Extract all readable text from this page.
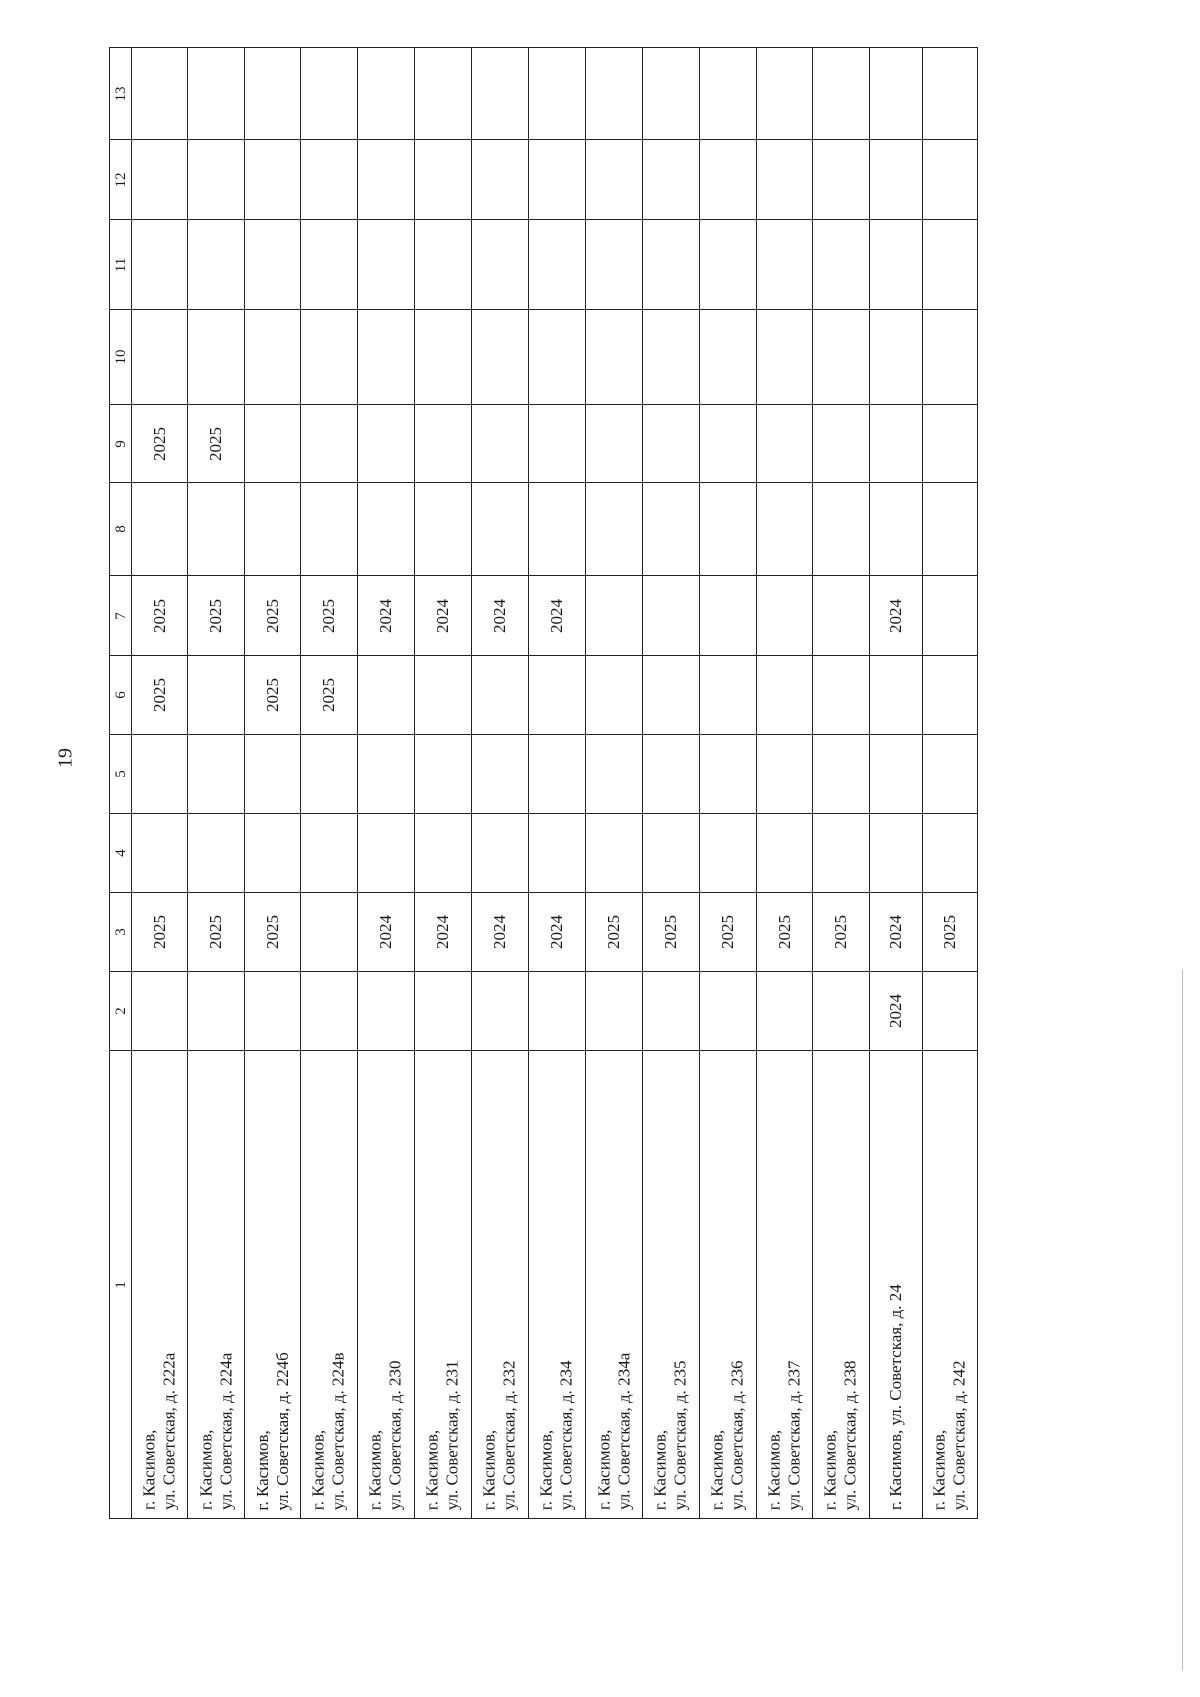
19
1
2
3
4
5
6
7
8
9
10
11
12
13
г. Касимов, ул. Советская, д. 222а
2025
2025
2025
2025
г. Касимов, ул. Советская, д. 224а
2025
2025
2025
г. Касимов, ул. Советская, д. 224б
2025
2025
2025
г. Касимов, ул. Советская, д. 224в
2025
2025
г. Касимов, ул. Советская, д. 230
2024
2024
г. Касимов, ул. Советская, д. 231
2024
2024
г. Касимов, ул. Советская, д. 232
2024
2024
г. Касимов, ул. Советская, д. 234
2024
2024
г. Касимов, ул. Советская, д. 234а
2025
г. Касимов, ул. Советская, д. 235
2025
г. Касимов, ул. Советская, д. 236
2025
г. Касимов, ул. Советская, д. 237
2025
г. Касимов, ул. Советская, д. 238
2025
г. Касимов, ул. Советская, д. 24
2024
2024
2024
г. Касимов, ул. Советская, д. 242
2025
